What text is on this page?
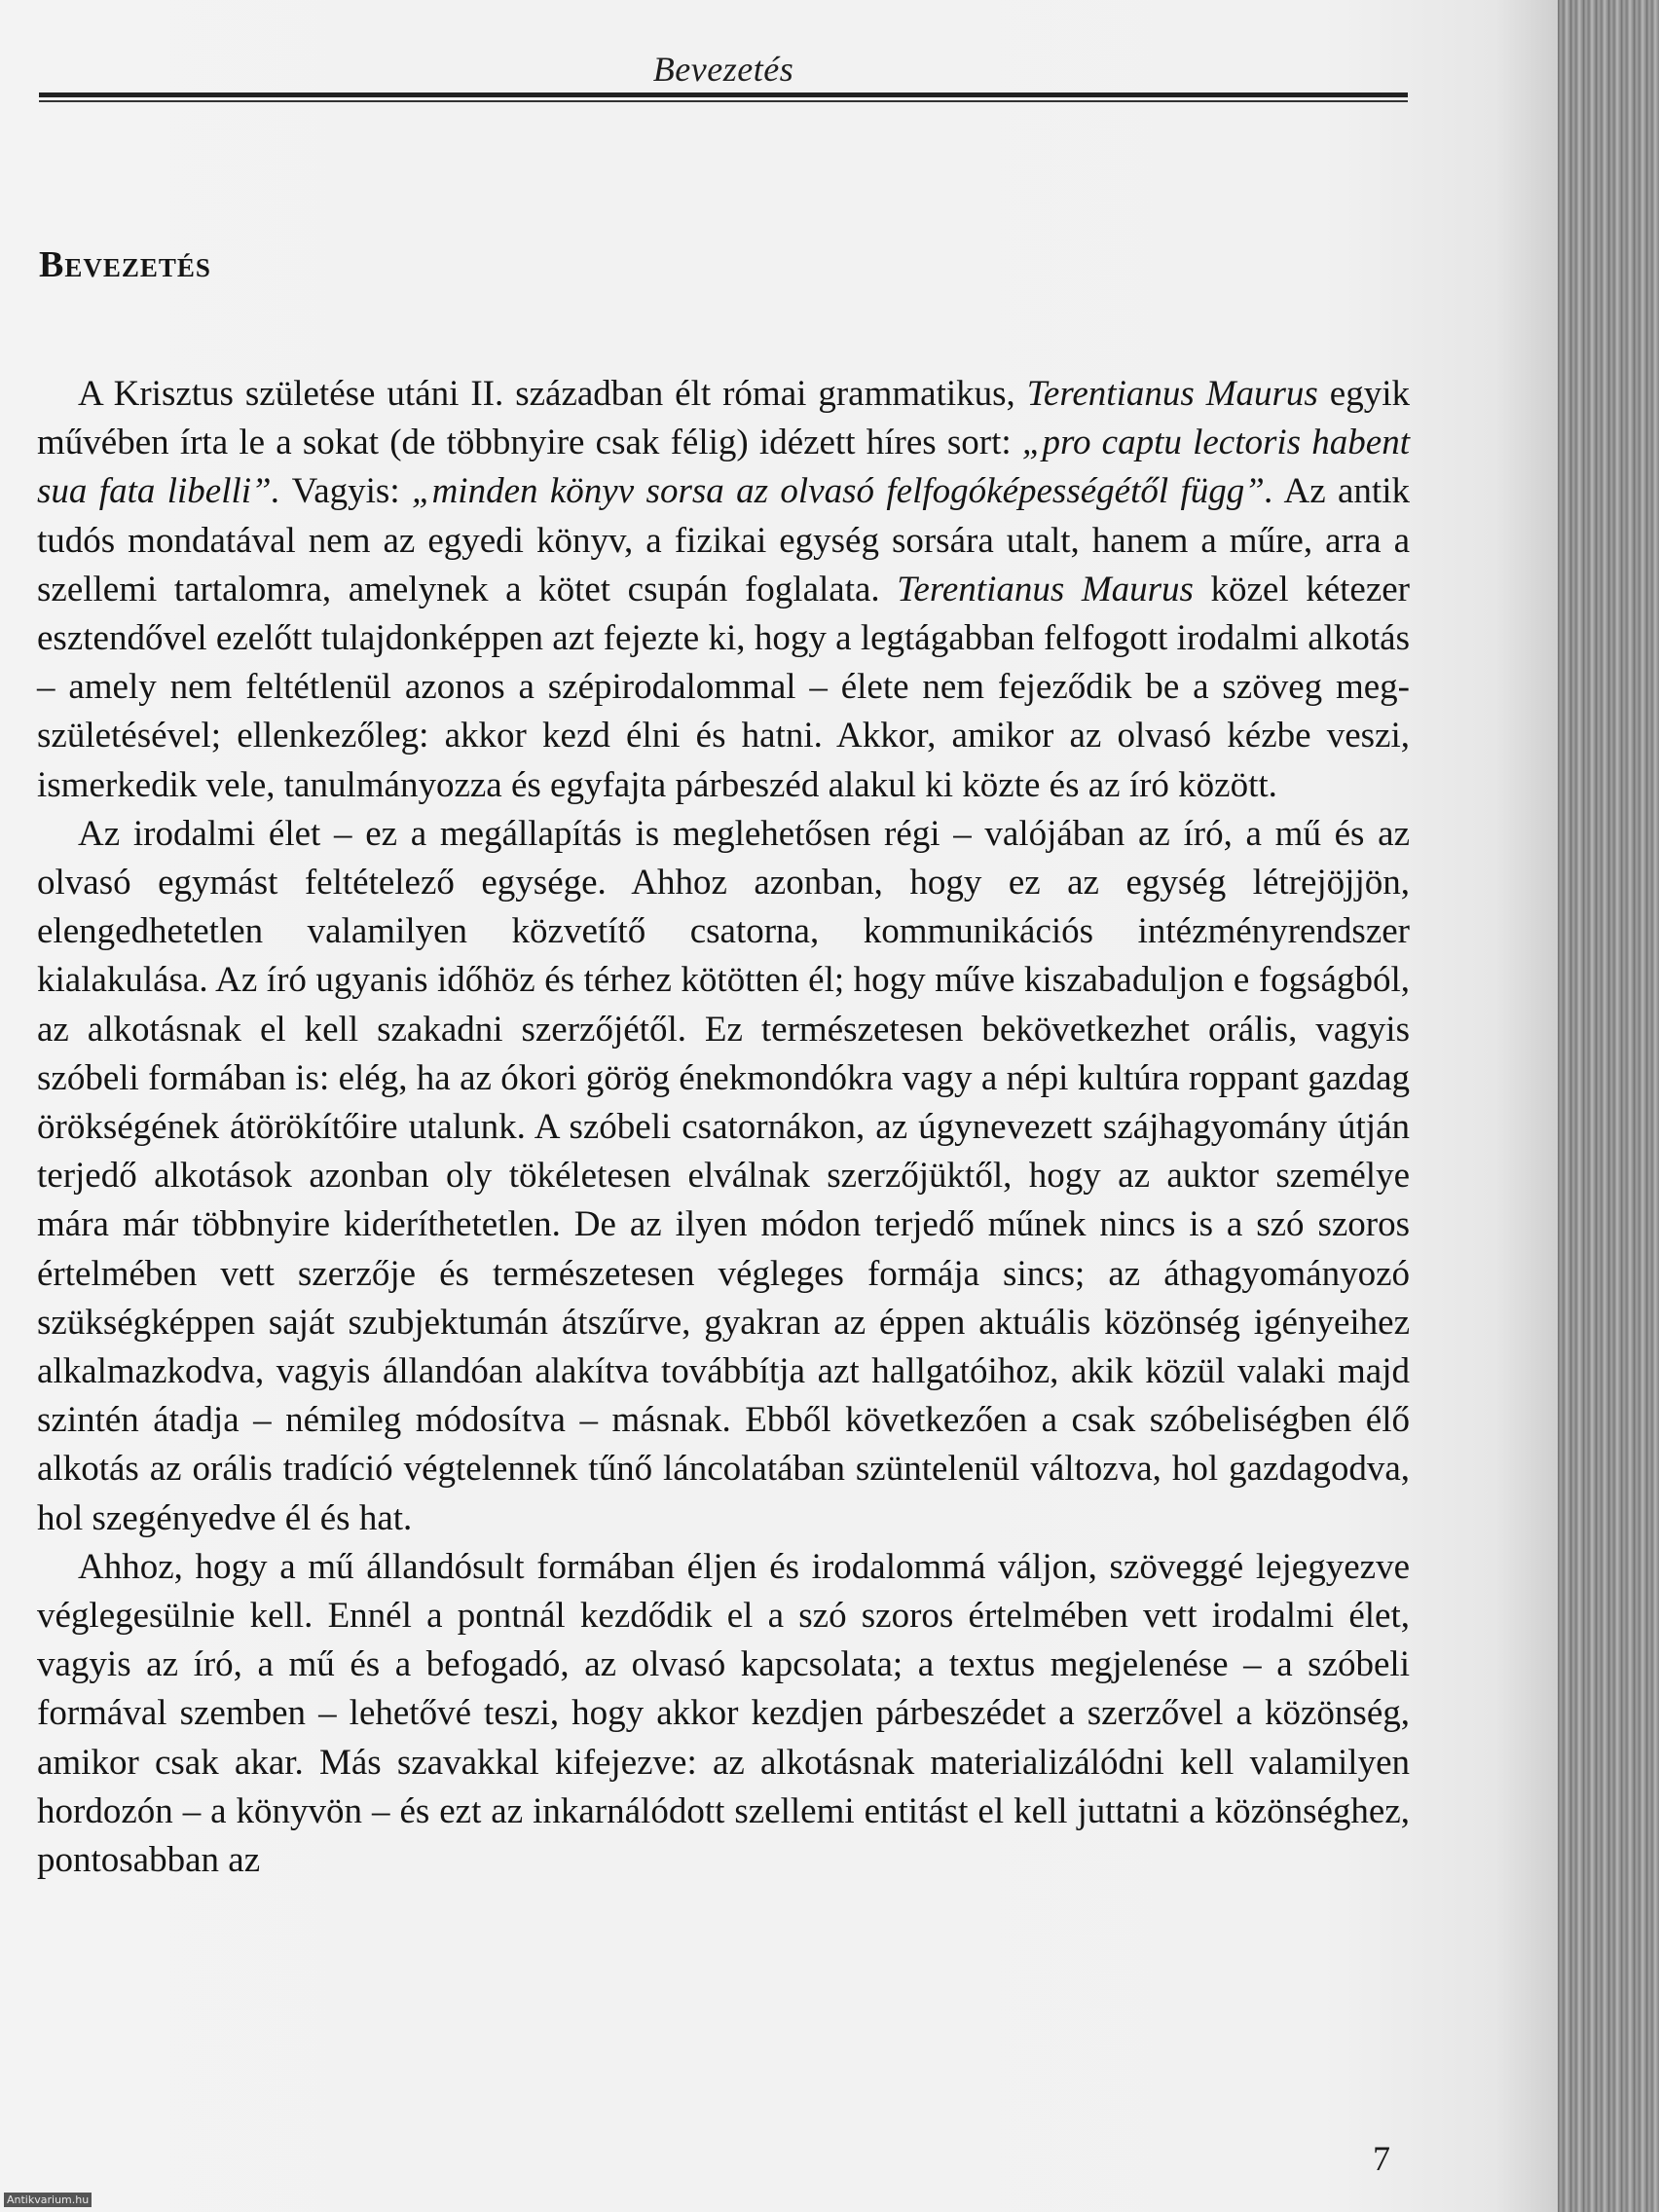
Bevezetés
Bevezetés

A Krisztus születése utáni II. században élt római grammatikus, Terentianus Maurus egyik művében írta le a sokat (de többnyire csak félig) idézett híres sort: „pro captu lectoris habent sua fata libelli”. Vagyis: „minden könyv sorsa az olvasó felfogóképességétől függ”. Az antik tudós mondatával nem az egyedi könyv, a fizikai egység sorsára utalt, hanem a műre, arra a szellemi tartalomra, amelynek a kötet csupán foglalata. Terentianus Maurus közel kétezer esztendővel ezelőtt tulajdonképpen azt fejezte ki, hogy a legtágabban felfogott irodalmi alkotás – amely nem feltétlenül azonos a szépirodalommal – élete nem fejeződik be a szöveg megszületésével; ellenkezőleg: akkor kezd élni és hatni. Akkor, amikor az olvasó kézbe veszi, ismerkedik vele, tanulmányozza és egyfajta párbeszéd alakul ki közte és az író között.

Az irodalmi élet – ez a megállapítás is meglehetősen régi – valójában az író, a mű és az olvasó egymást feltételező egysége. Ahhoz azonban, hogy ez az egység létrejöjjön, elengedhetetlen valamilyen közvetítő csatorna, kommunikációs intézményrendszer kialakulása. Az író ugyanis időhöz és térhez kötötten él; hogy műve kiszabaduljon e fogságból, az alkotásnak el kell szakadni szerzőjétől. Ez természetesen bekövetkezhet orális, vagyis szóbeli formában is: elég, ha az ókori görög énekmondókra vagy a népi kultúra roppant gazdag örökségének átörökítőire utalunk. A szóbeli csatornákon, az úgynevezett szájhagyomány útján terjedő alkotások azonban oly tökéletesen elválnak szerzőjüktől, hogy az auktor személye mára már többnyire kideríthetetlen. De az ilyen módon terjedő műnek nincs is a szó szoros értelmében vett szerzője és természetesen végleges formája sincs; az áthagyományozó szükségképpen saját szubjektumán átszűrve, gyakran az éppen aktuális közönség igényeihez alkalmazkodva, vagyis állandóan alakítva továbbítja azt hallgatóihoz, akik közül valaki majd szintén átadja – némileg módosítva – másnak. Ebből következően a csak szóbeliségben élő alkotás az orális tradíció végtelennek tűnő láncolatában szüntelenül változva, hol gazdagodva, hol szegényedve él és hat.

Ahhoz, hogy a mű állandósult formában éljen és irodalommá váljon, szöveggé lejegyezve véglegesülnie kell. Ennél a pontnál kezdődik el a szó szoros értelmében vett irodalmi élet, vagyis az író, a mű és a befogadó, az olvasó kapcsolata; a textus megjelenése – a szóbeli formával szemben – lehetővé teszi, hogy akkor kezdjen párbeszédet a szerzővel a közönség, amikor csak akar. Más szavakkal kifejezve: az alkotásnak materializálódni kell valamilyen hordozón – a könyvön – és ezt az inkarnálódott szellemi entitást el kell juttatni a közönséghez, pontosabban az

7
Antikvarium.hu
